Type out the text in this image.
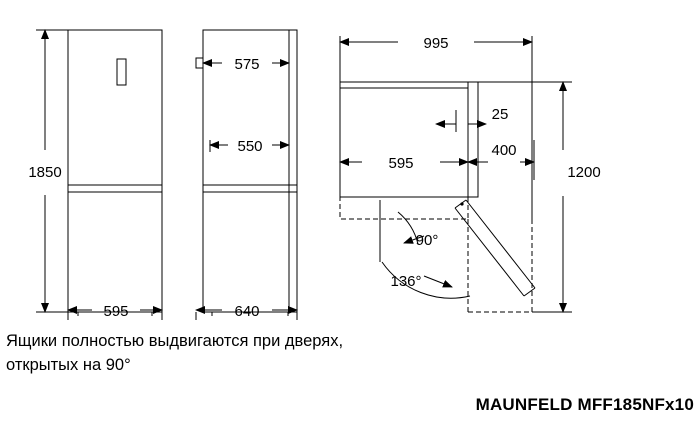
1850
595
575
550
640
995
595
25
400
1200
90°
136°
Ящики полностью выдвигаются при дверях,
открытых на 90°
MAUNFELD MFF185NFx10
